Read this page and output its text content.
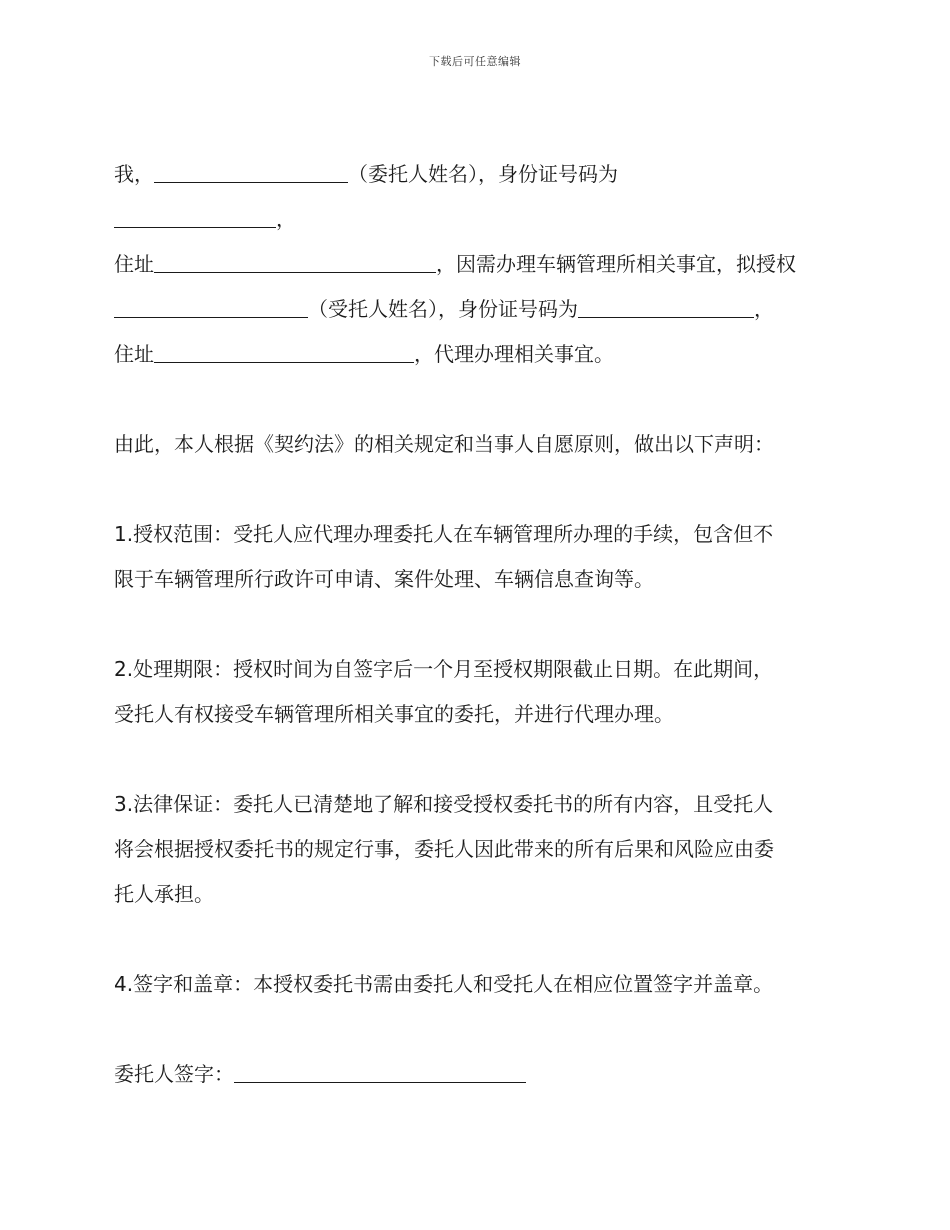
下载后可任意编辑
我，	（委托人姓名），身份证号码为
，
住址	，因需办理车辆管理所相关事宜，拟授权
（受托人姓名），身份证号码为	，
住址	，代理办理相关事宜。
由此，本人根据《契约法》的相关规定和当事人自愿原则，做出以下声明：
1.授权范围：受托人应代理办理委托人在车辆管理所办理的手续，包含但不
限于车辆管理所行政许可申请、案件处理、车辆信息查询等。
2.处理期限：授权时间为自签字后一个月至授权期限截止日期。在此期间，
受托人有权接受车辆管理所相关事宜的委托，并进行代理办理。
3.法律保证：委托人已清楚地了解和接受授权委托书的所有内容，且受托人
将会根据授权委托书的规定行事，委托人因此带来的所有后果和风险应由委
托人承担。
4.签字和盖章：本授权委托书需由委托人和受托人在相应位置签字并盖章。
委托人签字：
